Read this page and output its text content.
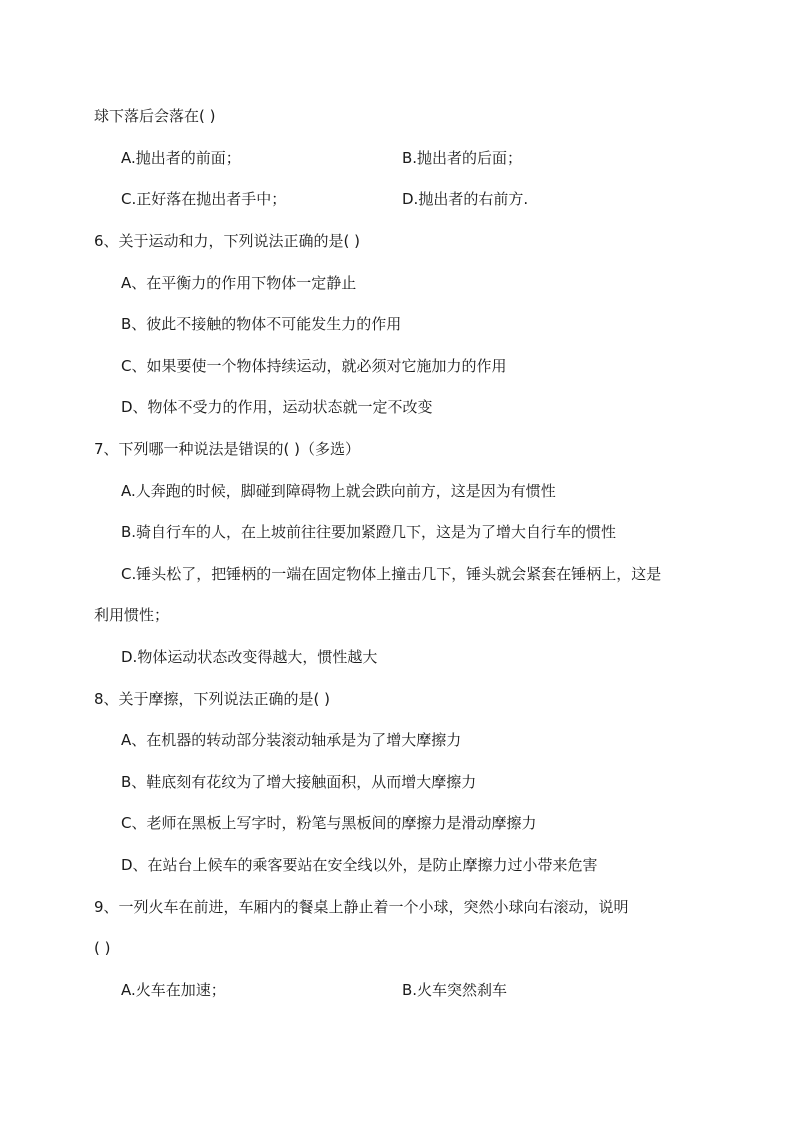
球下落后会落在( )
A.抛出者的前面；	B.抛出者的后面；
C.正好落在抛出者手中；	D.抛出者的右前方.
6、关于运动和力，下列说法正确的是( )
A、在平衡力的作用下物体一定静止
B、彼此不接触的物体不可能发生力的作用
C、如果要使一个物体持续运动，就必须对它施加力的作用
D、物体不受力的作用，运动状态就一定不改变
7、下列哪一种说法是错误的( )（多选）
A.人奔跑的时候，脚碰到障碍物上就会跌向前方，这是因为有惯性
B.骑自行车的人，在上坡前往往要加紧蹬几下，这是为了增大自行车的惯性
C.锤头松了，把锤柄的一端在固定物体上撞击几下，锤头就会紧套在锤柄上，这是
利用惯性；
D.物体运动状态改变得越大，惯性越大
8、关于摩擦，下列说法正确的是( )
A、在机器的转动部分装滚动轴承是为了增大摩擦力
B、鞋底刻有花纹为了增大接触面积，从而增大摩擦力
C、老师在黑板上写字时，粉笔与黑板间的摩擦力是滑动摩擦力
D、在站台上候车的乘客要站在安全线以外，是防止摩擦力过小带来危害
9、一列火车在前进，车厢内的餐桌上静止着一个小球，突然小球向右滚动，说明
( )
A.火车在加速；	B.火车突然刹车
